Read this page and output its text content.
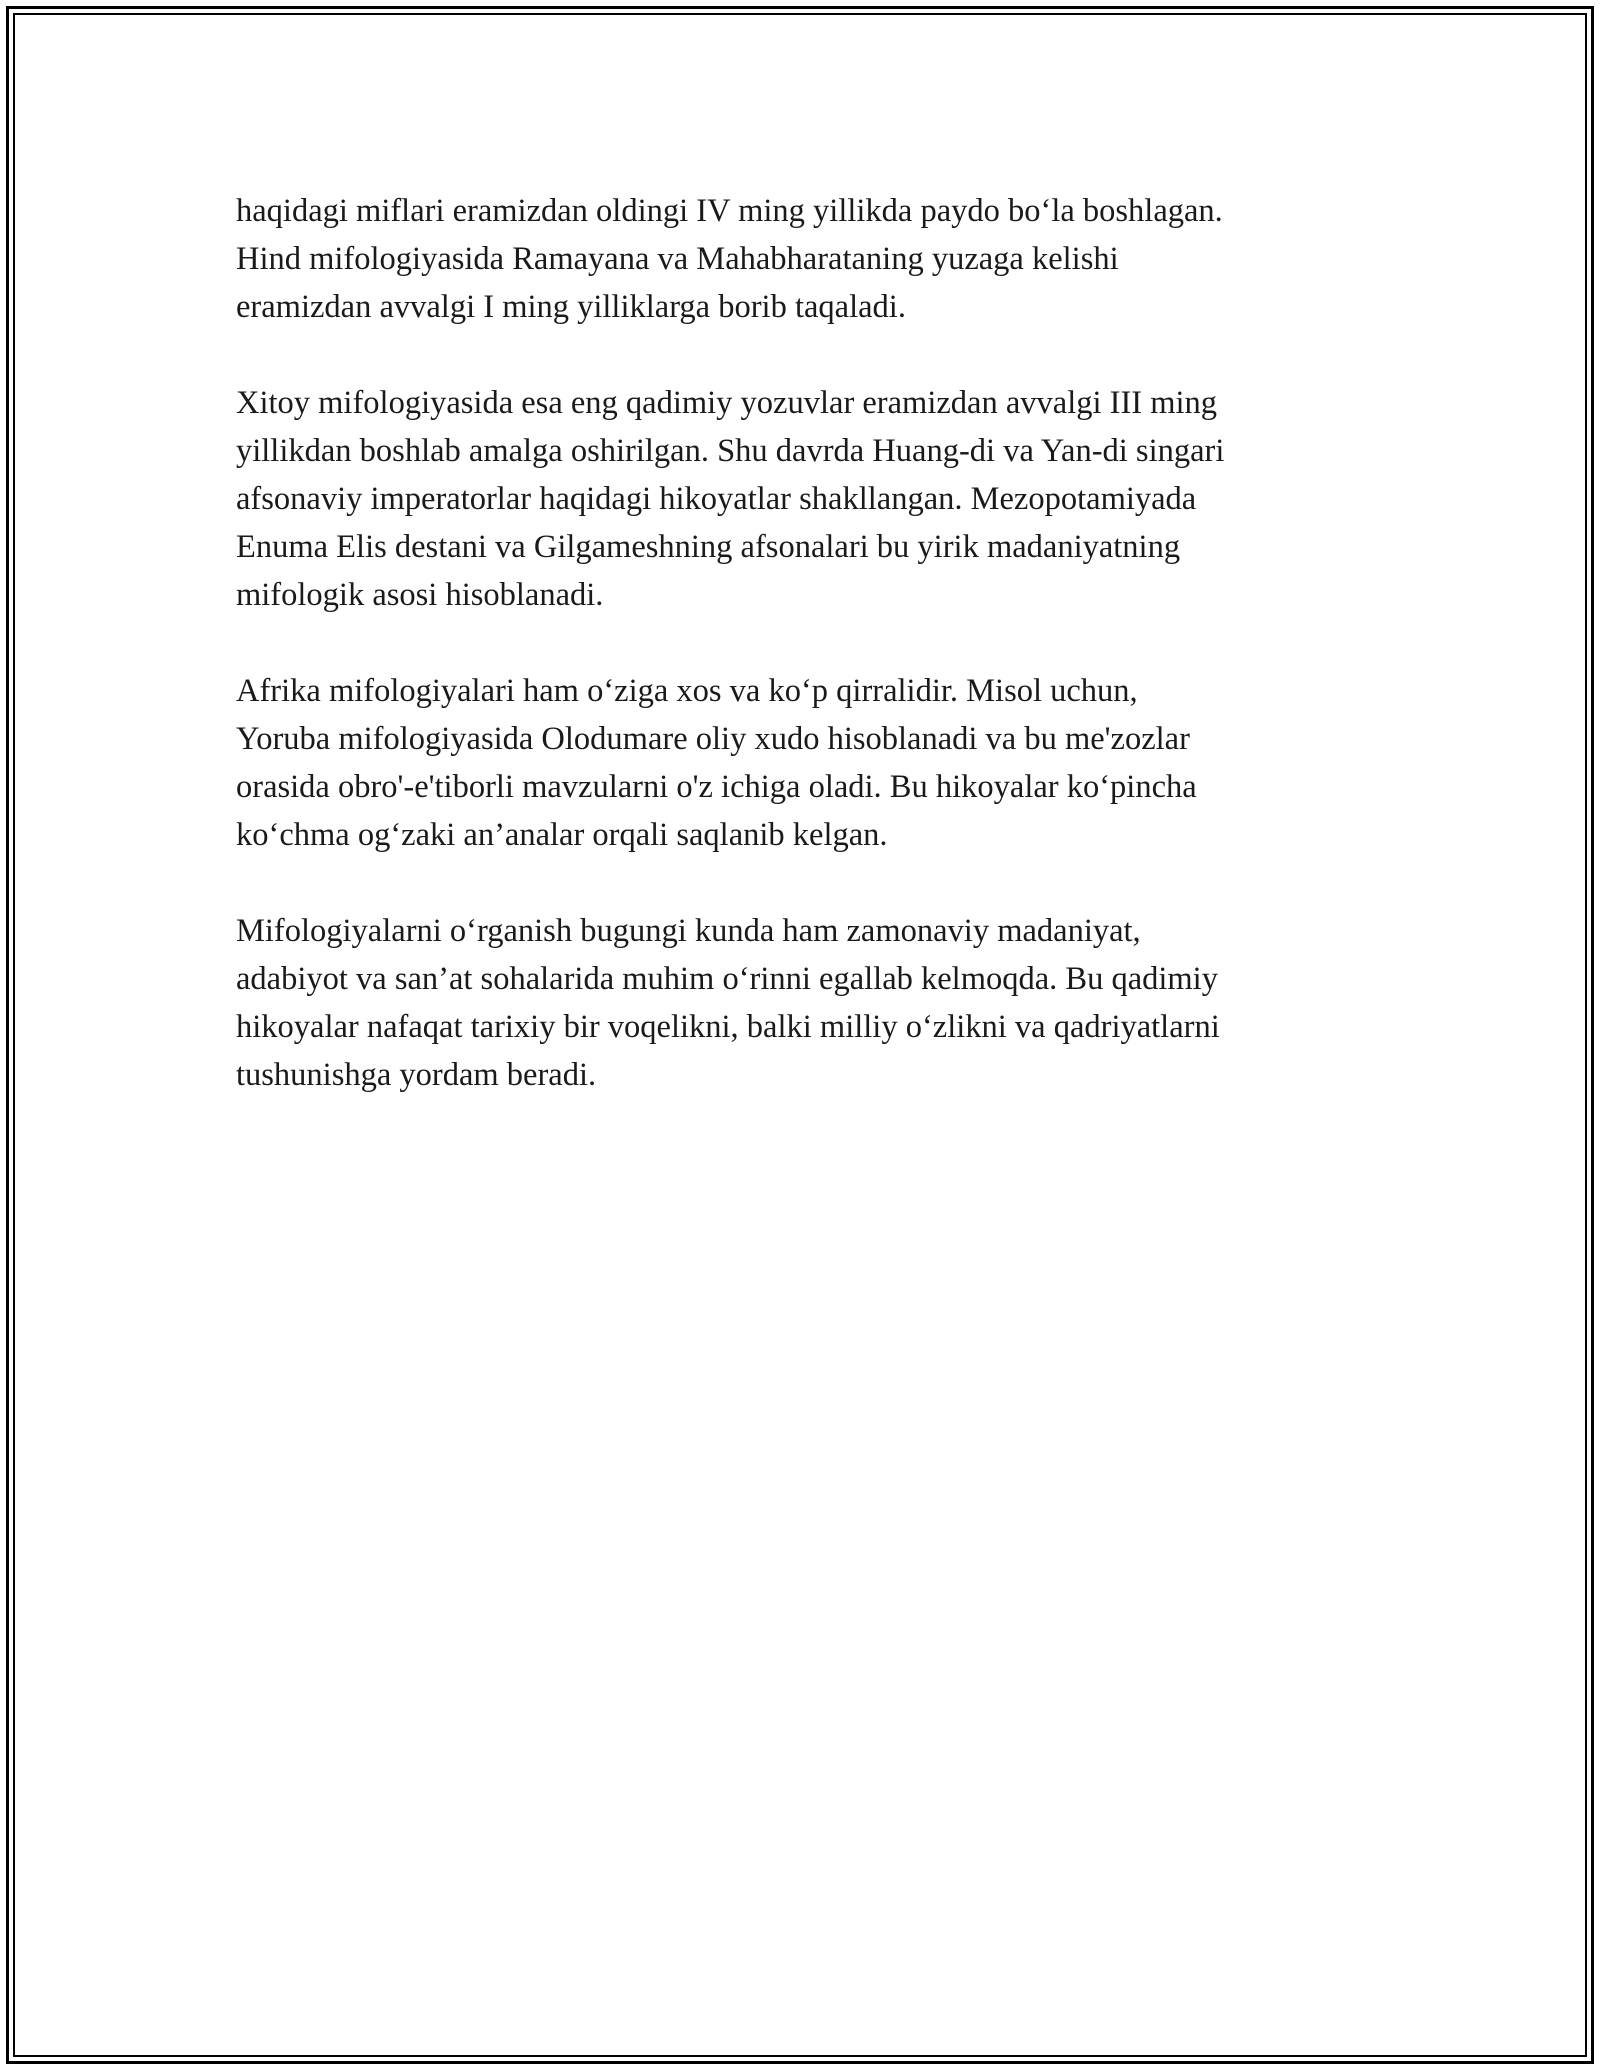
haqidagi miflari eramizdan oldingi IV ming yillikda paydo bo‘la boshlagan.
Hind mifologiyasida Ramayana va Mahabharataning yuzaga kelishi
eramizdan avvalgi I ming yilliklarga borib taqaladi.

Xitoy mifologiyasida esa eng qadimiy yozuvlar eramizdan avvalgi III ming
yillikdan boshlab amalga oshirilgan. Shu davrda Huang-di va Yan-di singari
afsonaviy imperatorlar haqidagi hikoyatlar shakllangan. Mezopotamiyada
Enuma Elis destani va Gilgameshning afsonalari bu yirik madaniyatning
mifologik asosi hisoblanadi.

Afrika mifologiyalari ham o‘ziga xos va ko‘p qirralidir. Misol uchun,
Yoruba mifologiyasida Olodumare oliy xudo hisoblanadi va bu me'zozlar
orasida obro'-e'tiborli mavzularni o'z ichiga oladi. Bu hikoyalar ko‘pincha
ko‘chma og‘zaki an’analar orqali saqlanib kelgan.

Mifologiyalarni o‘rganish bugungi kunda ham zamonaviy madaniyat,
adabiyot va san’at sohalarida muhim o‘rinni egallab kelmoqda. Bu qadimiy
hikoyalar nafaqat tarixiy bir voqelikni, balki milliy o‘zlikni va qadriyatlarni
tushunishga yordam beradi.
